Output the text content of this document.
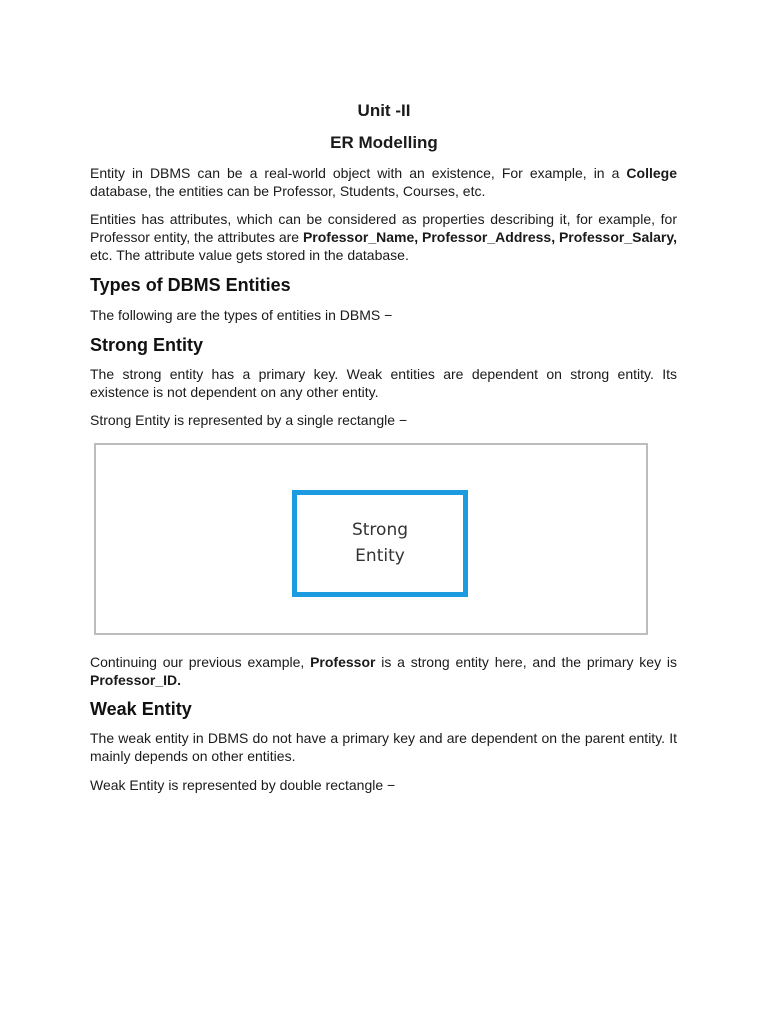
Unit -II
ER Modelling
Entity in DBMS can be a real-world object with an existence, For example, in a College database, the entities can be Professor, Students, Courses, etc.
Entities has attributes, which can be considered as properties describing it, for example, for Professor entity, the attributes are Professor_Name, Professor_Address, Professor_Salary, etc. The attribute value gets stored in the database.
Types of DBMS Entities
The following are the types of entities in DBMS −
Strong Entity
The strong entity has a primary key. Weak entities are dependent on strong entity. Its existence is not dependent on any other entity.
Strong Entity is represented by a single rectangle −
Strong
Entity
Continuing our previous example, Professor is a strong entity here, and the primary key is  Professor_ID.
Weak Entity
The weak entity in DBMS do not have a primary key and are dependent on the parent entity. It mainly depends on other entities.
Weak Entity is represented by double rectangle −
